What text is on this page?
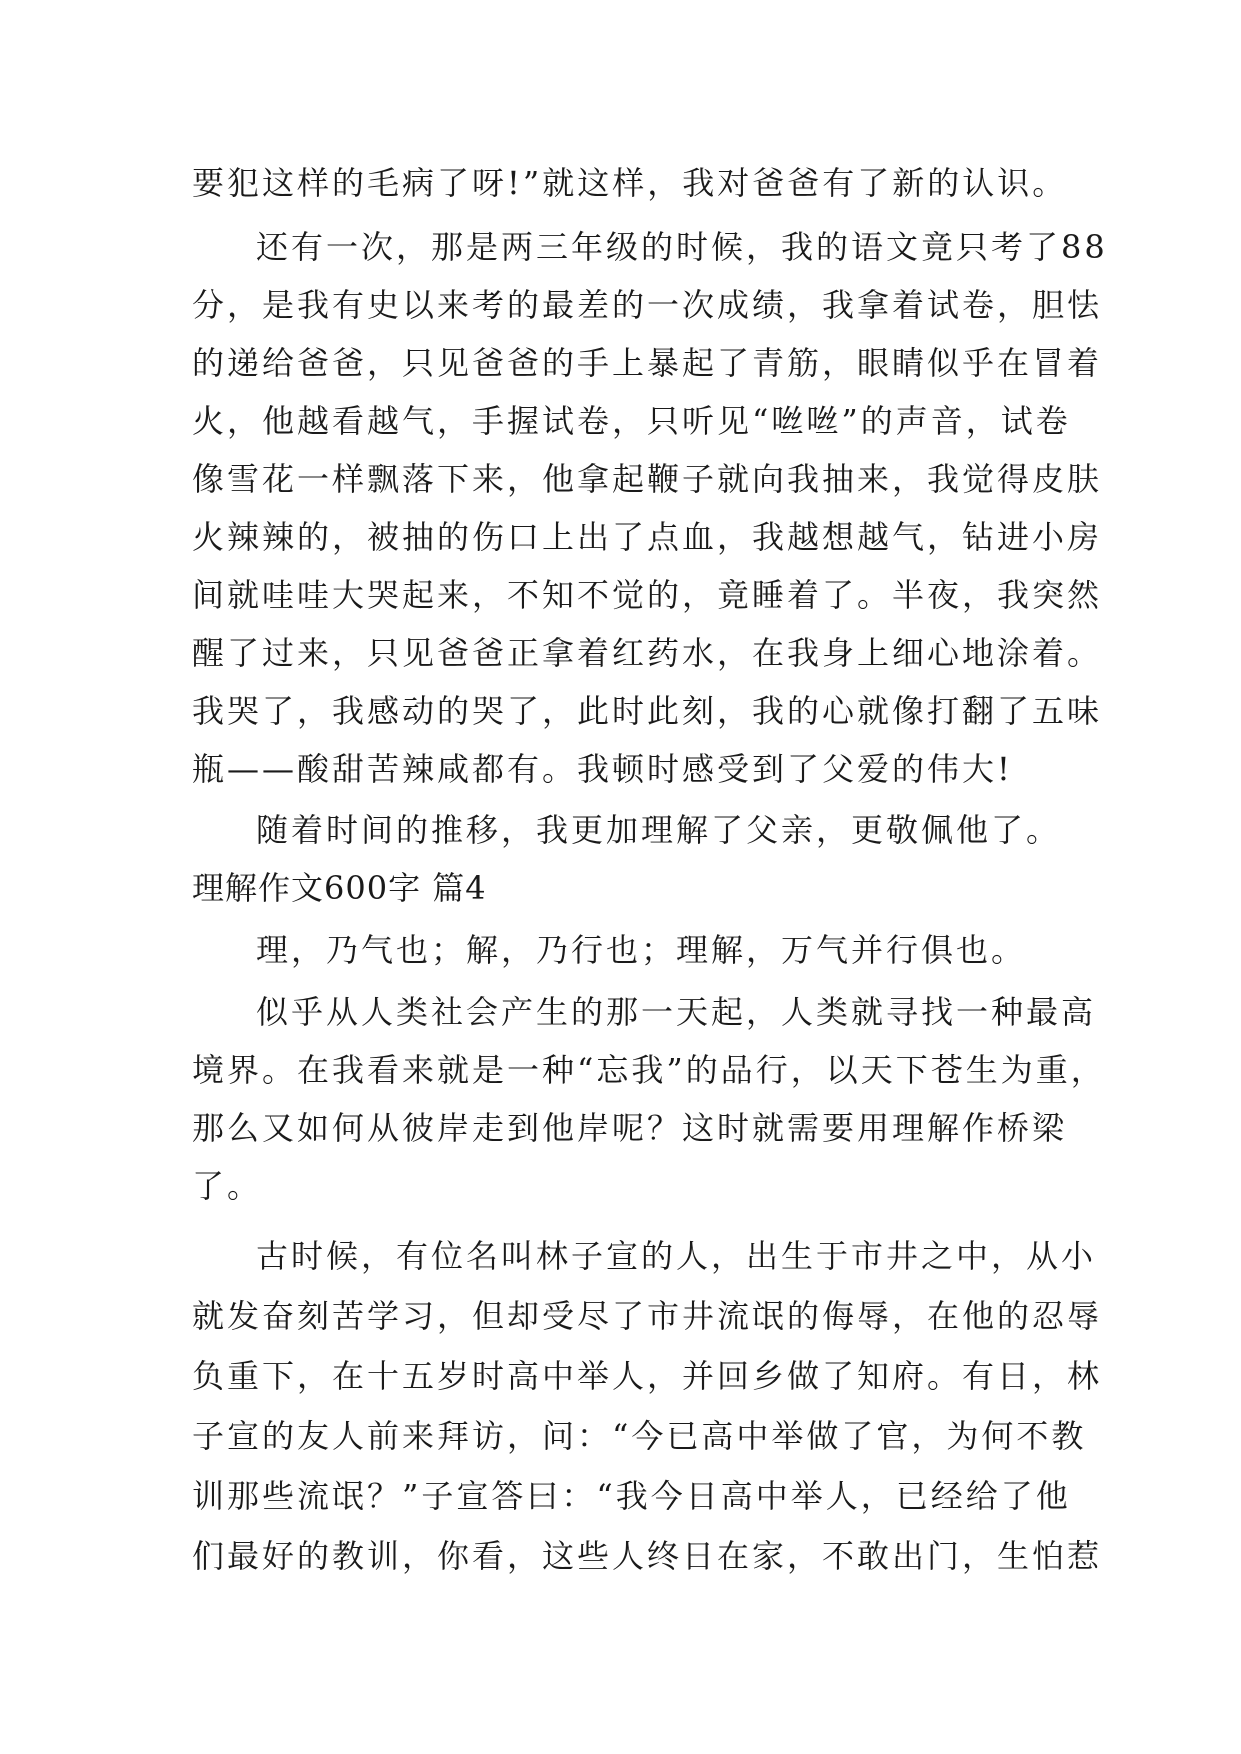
要犯这样的毛病了呀!”就这样，我对爸爸有了新的认识。
还有一次，那是两三年级的时候，我的语文竟只考了88
分，是我有史以来考的最差的一次成绩，我拿着试卷，胆怯
的递给爸爸，只见爸爸的手上暴起了青筋，眼睛似乎在冒着
火，他越看越气，手握试卷，只听见“咝咝”的声音，试卷
像雪花一样飘落下来，他拿起鞭子就向我抽来，我觉得皮肤
火辣辣的，被抽的伤口上出了点血，我越想越气，钻进小房
间就哇哇大哭起来，不知不觉的，竟睡着了。半夜，我突然
醒了过来，只见爸爸正拿着红药水，在我身上细心地涂着。
我哭了，我感动的哭了，此时此刻，我的心就像打翻了五味
瓶——酸甜苦辣咸都有。我顿时感受到了父爱的伟大!
随着时间的推移，我更加理解了父亲，更敬佩他了。
理解作文600字 篇4
理，乃气也；解，乃行也；理解，万气并行俱也。
似乎从人类社会产生的那一天起，人类就寻找一种最高
境界。在我看来就是一种“忘我”的品行，以天下苍生为重，
那么又如何从彼岸走到他岸呢？这时就需要用理解作桥梁
了。
古时候，有位名叫林子宣的人，出生于市井之中，从小
就发奋刻苦学习，但却受尽了市井流氓的侮辱，在他的忍辱
负重下，在十五岁时高中举人，并回乡做了知府。有日，林
子宣的友人前来拜访，问：“今已高中举做了官，为何不教
训那些流氓？”子宣答曰：“我今日高中举人，已经给了他
们最好的教训，你看，这些人终日在家，不敢出门，生怕惹
